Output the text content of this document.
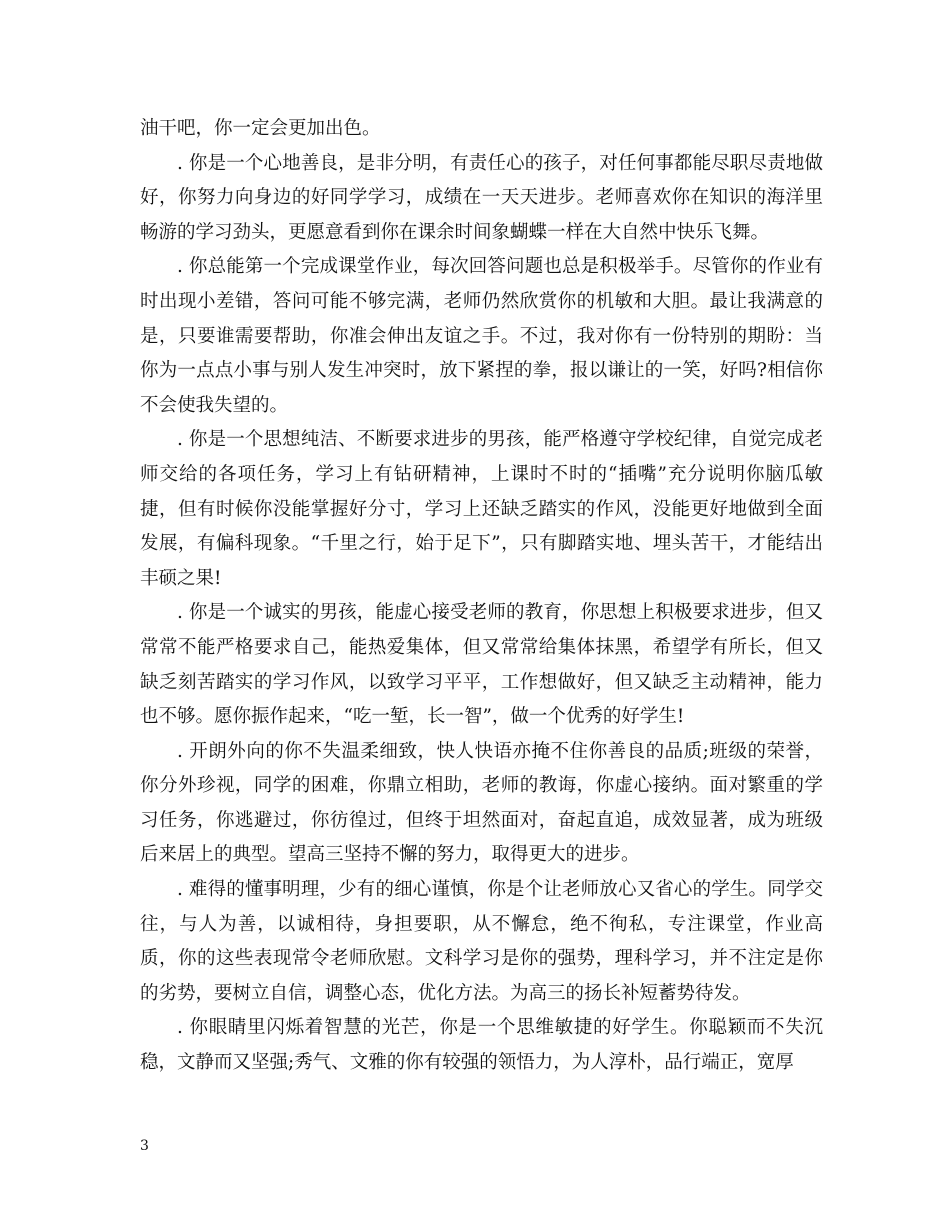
油干吧，你一定会更加出色。

. 你是一个心地善良，是非分明，有责任心的孩子，对任何事都能尽职尽责地做好，你努力向身边的好同学学习，成绩在一天天进步。老师喜欢你在知识的海洋里畅游的学习劲头，更愿意看到你在课余时间象蝴蝶一样在大自然中快乐飞舞。

. 你总能第一个完成课堂作业，每次回答问题也总是积极举手。尽管你的作业有时出现小差错，答问可能不够完满，老师仍然欣赏你的机敏和大胆。最让我满意的是，只要谁需要帮助，你准会伸出友谊之手。不过，我对你有一份特别的期盼：当你为一点点小事与别人发生冲突时，放下紧捏的拳，报以谦让的一笑，好吗?相信你不会使我失望的。

. 你是一个思想纯洁、不断要求进步的男孩，能严格遵守学校纪律，自觉完成老师交给的各项任务，学习上有钻研精神，上课时不时的“插嘴”充分说明你脑瓜敏捷，但有时候你没能掌握好分寸，学习上还缺乏踏实的作风，没能更好地做到全面发展，有偏科现象。“千里之行，始于足下”，只有脚踏实地、埋头苦干，才能结出丰硕之果!

. 你是一个诚实的男孩，能虚心接受老师的教育，你思想上积极要求进步，但又常常不能严格要求自己，能热爱集体，但又常常给集体抹黑，希望学有所长，但又缺乏刻苦踏实的学习作风，以致学习平平，工作想做好，但又缺乏主动精神，能力也不够。愿你振作起来，“吃一堑，长一智”，做一个优秀的好学生!

. 开朗外向的你不失温柔细致，快人快语亦掩不住你善良的品质;班级的荣誉，你分外珍视，同学的困难，你鼎立相助，老师的教诲，你虚心接纳。面对繁重的学习任务，你逃避过，你彷徨过，但终于坦然面对，奋起直追，成效显著，成为班级后来居上的典型。望高三坚持不懈的努力，取得更大的进步。

. 难得的懂事明理，少有的细心谨慎，你是个让老师放心又省心的学生。同学交往，与人为善，以诚相待，身担要职，从不懈怠，绝不徇私，专注课堂，作业高质，你的这些表现常令老师欣慰。文科学习是你的强势，理科学习，并不注定是你的劣势，要树立自信，调整心态，优化方法。为高三的扬长补短蓄势待发。

. 你眼睛里闪烁着智慧的光芒，你是一个思维敏捷的好学生。你聪颖而不失沉稳，文静而又坚强;秀气、文雅的你有较强的领悟力，为人淳朴，品行端正，宽厚

3
